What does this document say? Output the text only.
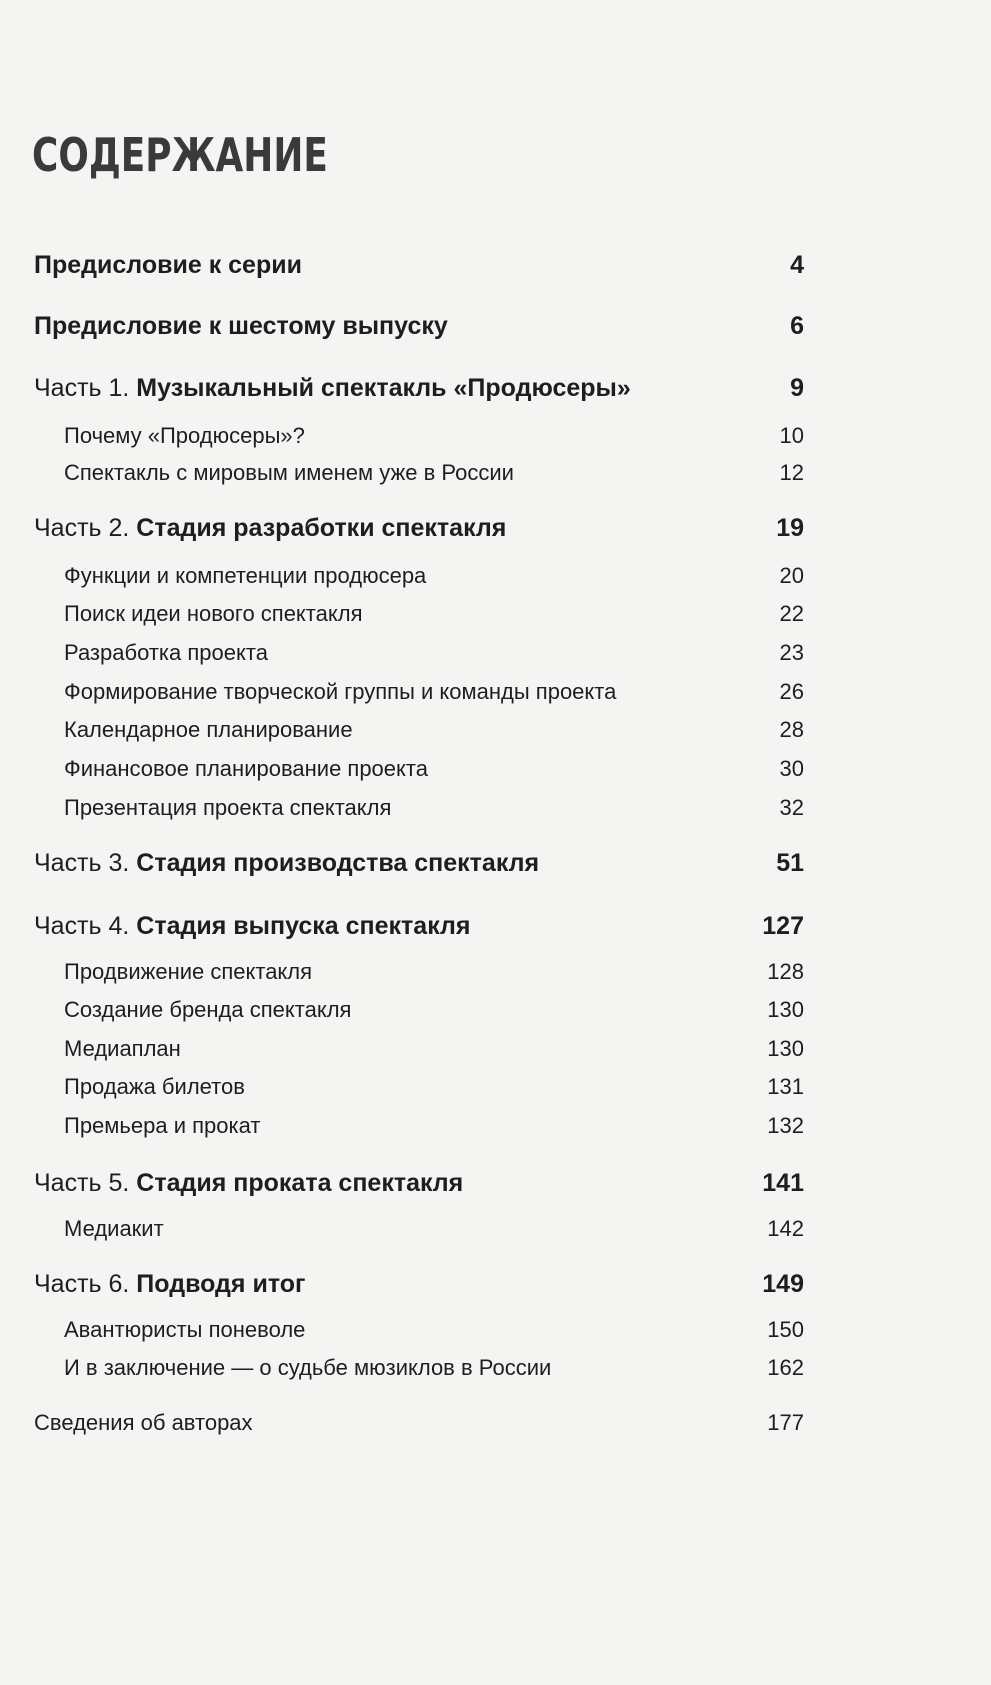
СОДЕРЖАНИЕ
Предисловие к серии	4
Предисловие к шестому выпуску	6
Часть 1. Музыкальный спектакль «Продюсеры»	9
Почему «Продюсеры»?	10
Спектакль с мировым именем уже в России	12
Часть 2. Стадия разработки спектакля	19
Функции и компетенции продюсера	20
Поиск идеи нового спектакля	22
Разработка проекта	23
Формирование творческой группы и команды проекта	26
Календарное планирование	28
Финансовое планирование проекта	30
Презентация проекта спектакля	32
Часть 3. Стадия производства спектакля	51
Часть 4. Стадия выпуска спектакля	127
Продвижение спектакля	128
Создание бренда спектакля	130
Медиаплан	130
Продажа билетов	131
Премьера и прокат	132
Часть 5. Стадия проката спектакля	141
Медиакит	142
Часть 6. Подводя итог	149
Авантюристы поневоле	150
И в заключение — о судьбе мюзиклов в России	162
Сведения об авторах	177
